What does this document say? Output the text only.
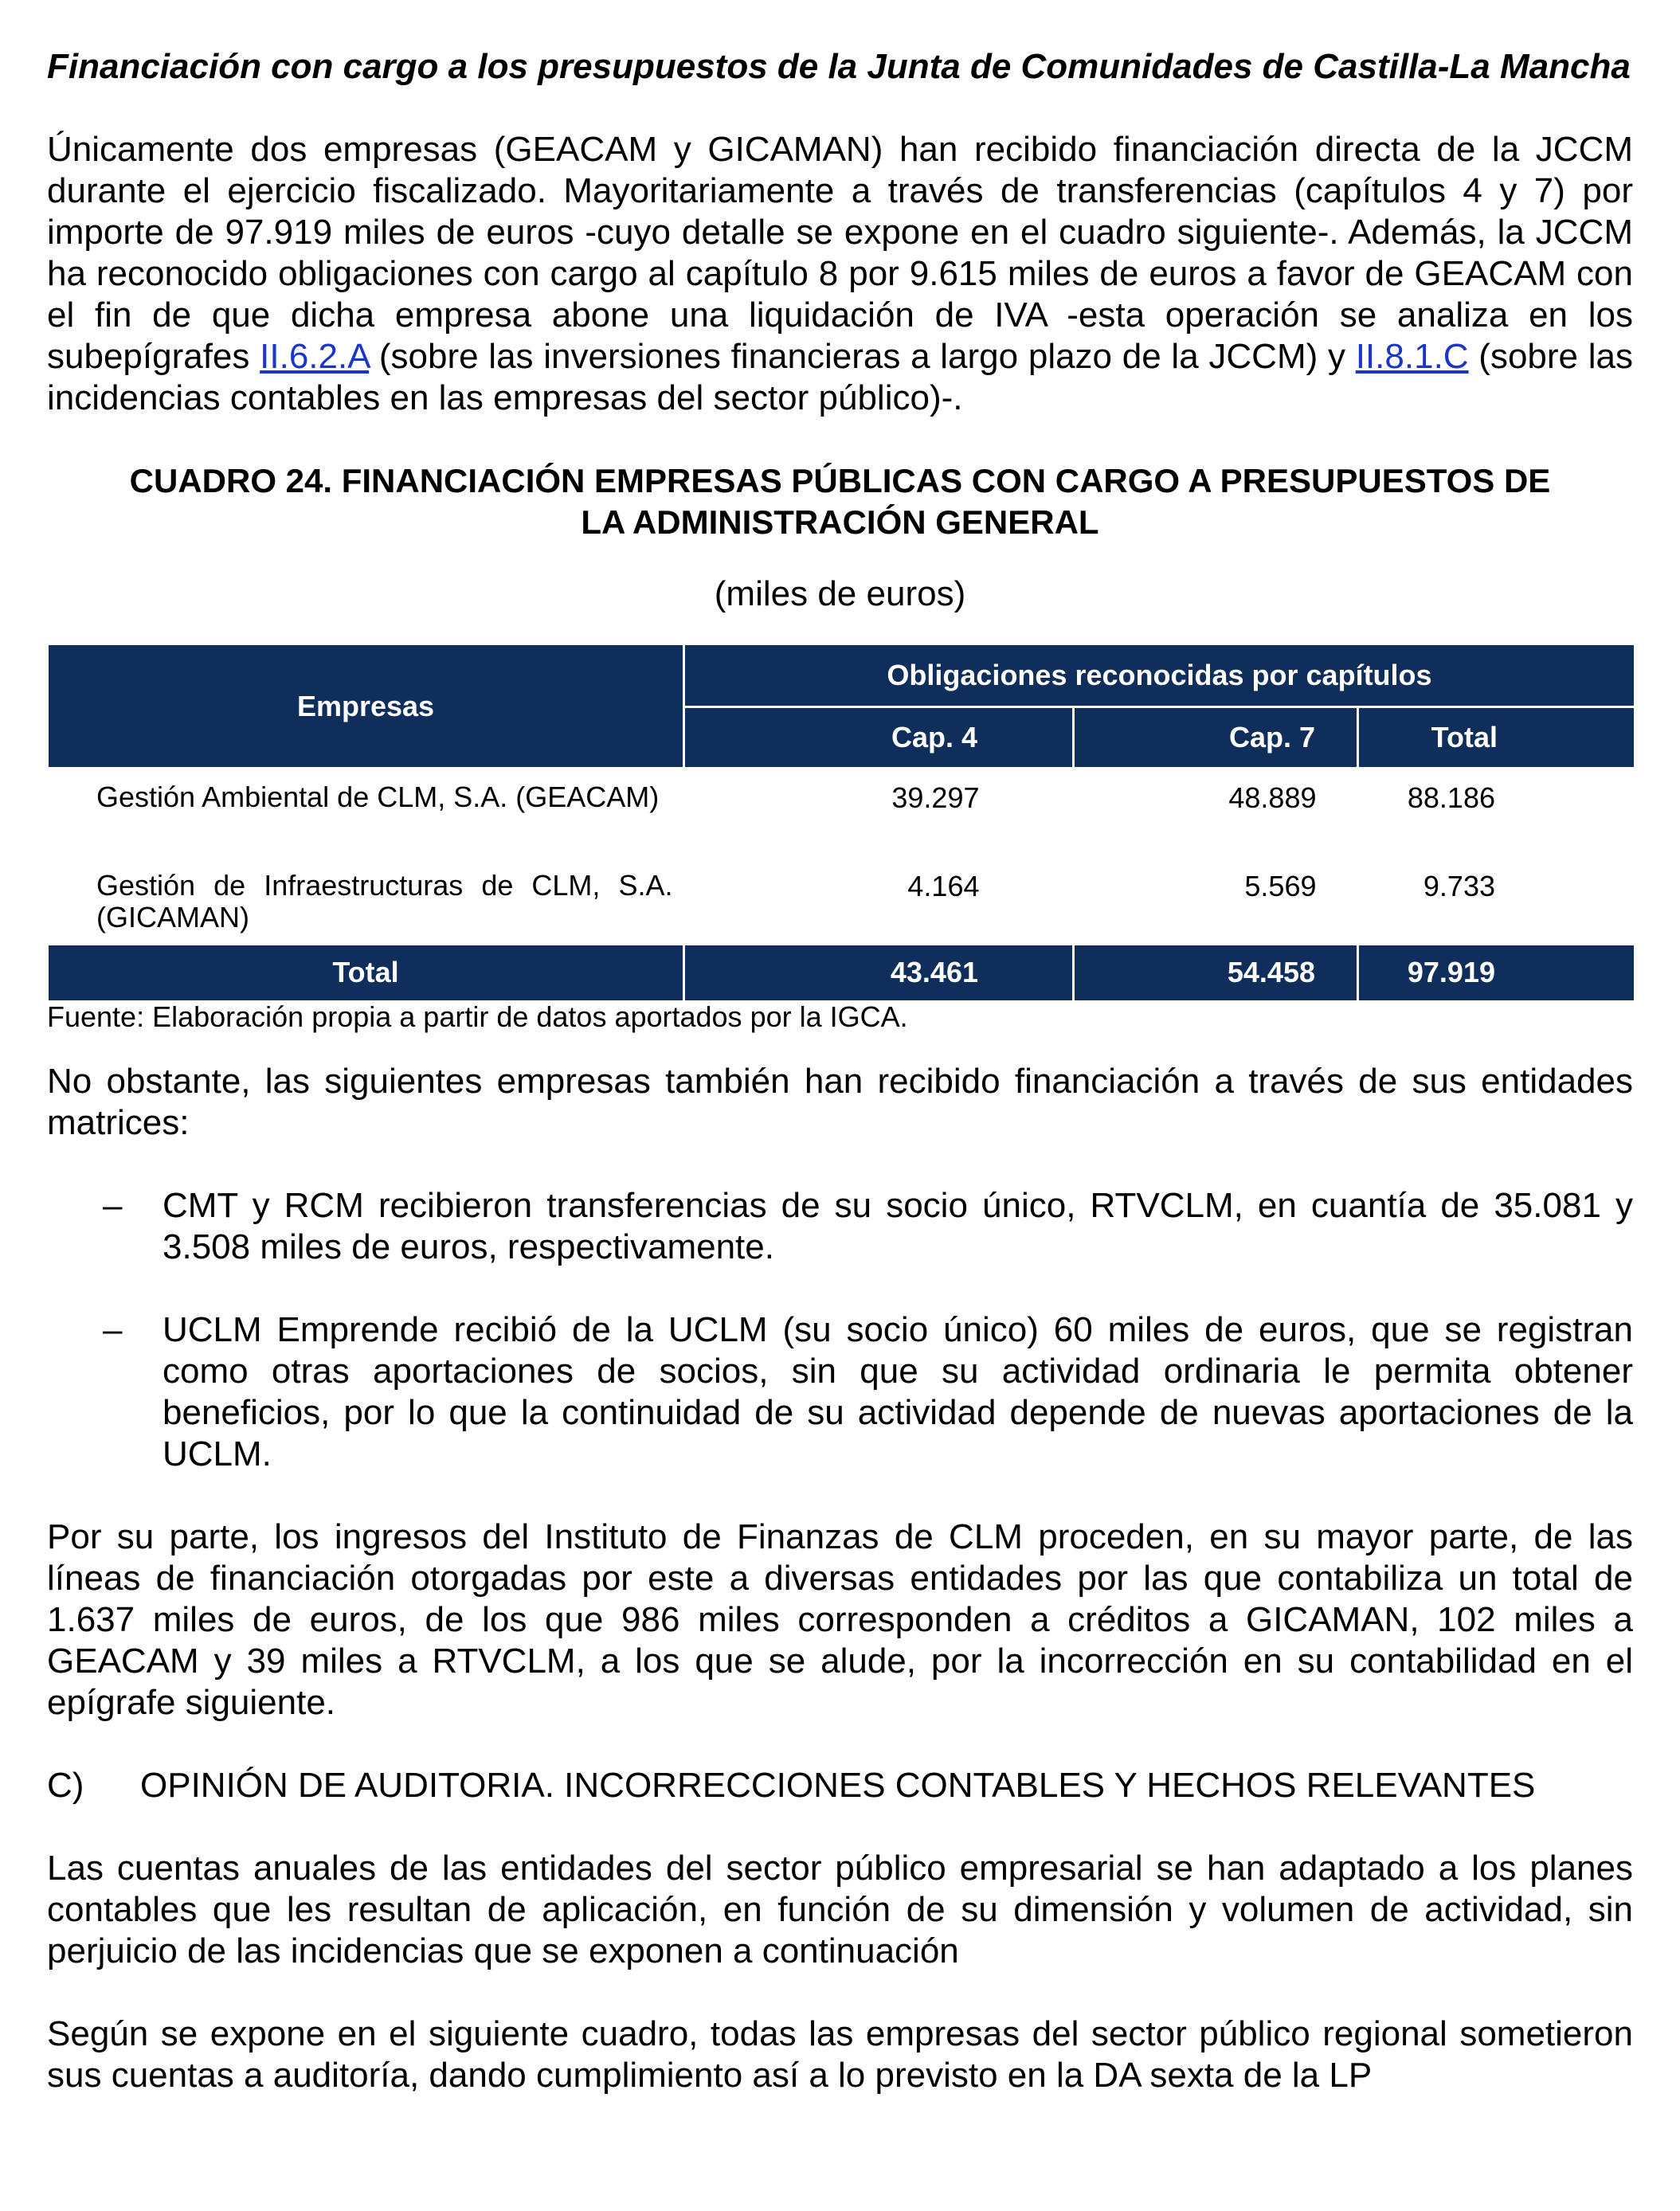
Financiación con cargo a los presupuestos de la Junta de Comunidades de Castilla-La Mancha

Únicamente dos empresas (GEACAM y GICAMAN) han recibido financiación directa de la JCCM durante el ejercicio fiscalizado. Mayoritariamente a través de transferencias (capítulos 4 y 7) por importe de 97.919 miles de euros -cuyo detalle se expone en el cuadro siguiente-. Además, la JCCM ha reconocido obligaciones con cargo al capítulo 8 por 9.615 miles de euros a favor de GEACAM con el fin de que dicha empresa abone una liquidación de IVA -esta operación se analiza en los subepígrafes II.6.2.A (sobre las inversiones financieras a largo plazo de la JCCM) y II.8.1.C (sobre las incidencias contables en las empresas del sector público)-.

CUADRO 24. FINANCIACIÓN EMPRESAS PÚBLICAS CON CARGO A PRESUPUESTOS DE

LA ADMINISTRACIÓN GENERAL

(miles de euros)

Empresas	Obligaciones reconocidas por capítulos		
	Cap. 4	Cap. 7	Total
Gestión Ambiental de CLM, S.A. (GEACAM)	39.297	48.889	88.186
Gestión de Infraestructuras de CLM, S.A. (GICAMAN)	4.164	5.569	9.733
Total	43.461	54.458	97.919

Fuente: Elaboración propia a partir de datos aportados por la IGCA.

No obstante, las siguientes empresas también han recibido financiación a través de sus entidades matrices:

– CMT y RCM recibieron transferencias de su socio único, RTVCLM, en cuantía de 35.081 y 3.508 miles de euros, respectivamente.
– UCLM Emprende recibió de la UCLM (su socio único) 60 miles de euros, que se registran como otras aportaciones de socios, sin que su actividad ordinaria le permita obtener beneficios, por lo que la continuidad de su actividad depende de nuevas aportaciones de la UCLM.

Por su parte, los ingresos del Instituto de Finanzas de CLM proceden, en su mayor parte, de las líneas de financiación otorgadas por este a diversas entidades por las que contabiliza un total de 1.637 miles de euros, de los que 986 miles corresponden a créditos a GICAMAN, 102 miles a GEACAM y 39 miles a RTVCLM, a los que se alude, por la incorrección en su contabilidad en el epígrafe siguiente.

C) OPINIÓN DE AUDITORIA. INCORRECCIONES CONTABLES Y HECHOS RELEVANTES

Las cuentas anuales de las entidades del sector público empresarial se han adaptado a los planes contables que les resultan de aplicación, en función de su dimensión y volumen de actividad, sin perjuicio de las incidencias que se exponen a continuación

Según se expone en el siguiente cuadro, todas las empresas del sector público regional sometieron sus cuentas a auditoría, dando cumplimiento así a lo previsto en la DA sexta de la LP
